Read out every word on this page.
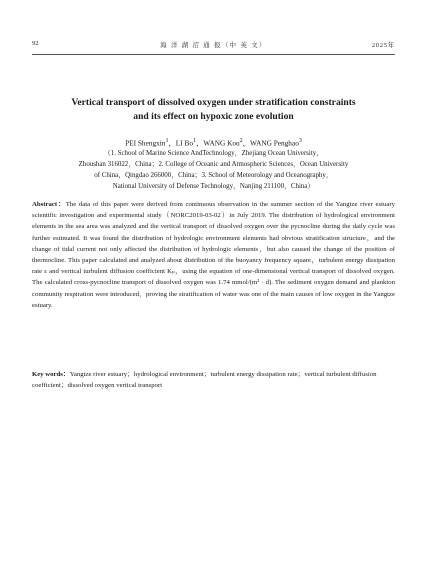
92	海 洋 湖 沼 通 报（中 英 文）	2025年
Vertical transport of dissolved oxygen under stratification constraints
and its effect on hypoxic zone evolution
PEI Shengxin$^1$，LI Bo$^1$，WANG Kou$^2$，WANG Penghao$^3$
（1. School of Marine Science AndTechnology，Zhejiang Ocean University，
Zhoushan 316022，China；2. College of Oceanic and Atmospheric Sciences，Ocean University
of China，Qingdao 266000，China；3. School of Meteorology and Oceanography，
National University of Defense Technology，Nanjing 211100，China）

Abstract：The data of this paper were derived from continuous observation in the summer section of the Yangtze river estuary scientific investigation and experimental study（NORC2019-03-02）in July 2019. The distribution of hydrological environment elements in the sea area was analyzed and the vertical transport of dissolved oxygen over the pycnocline during the daily cycle was further estimated. It was found the distribution of hydrologic environment elements had obvious stratification structure，and the change of tidal current not only affected the distribution of hydrologic elements，but also caused the change of the position of thermocline. This paper calculated and analyzed about distribution of the buoyancy frequency square，turbulent energy dissipation rate ε and vertical turbulent diffusion coefficient Kₚ，using the equation of one-dimensional vertical transport of dissolved oxygen. The calculated cross-pycnocline transport of dissolved oxygen was 1.74 mmol/(m² · d). The sediment oxygen demand and plankton community respiration were introduced，proving the stratification of water was one of the main causes of low oxygen in the Yangtze estuary.

Key words：Yangtze river estuary；hydrological environment；turbulent energy dissipation rate；vertical turbulent diffusion coefficient；dissolved oxygen vertical transport
